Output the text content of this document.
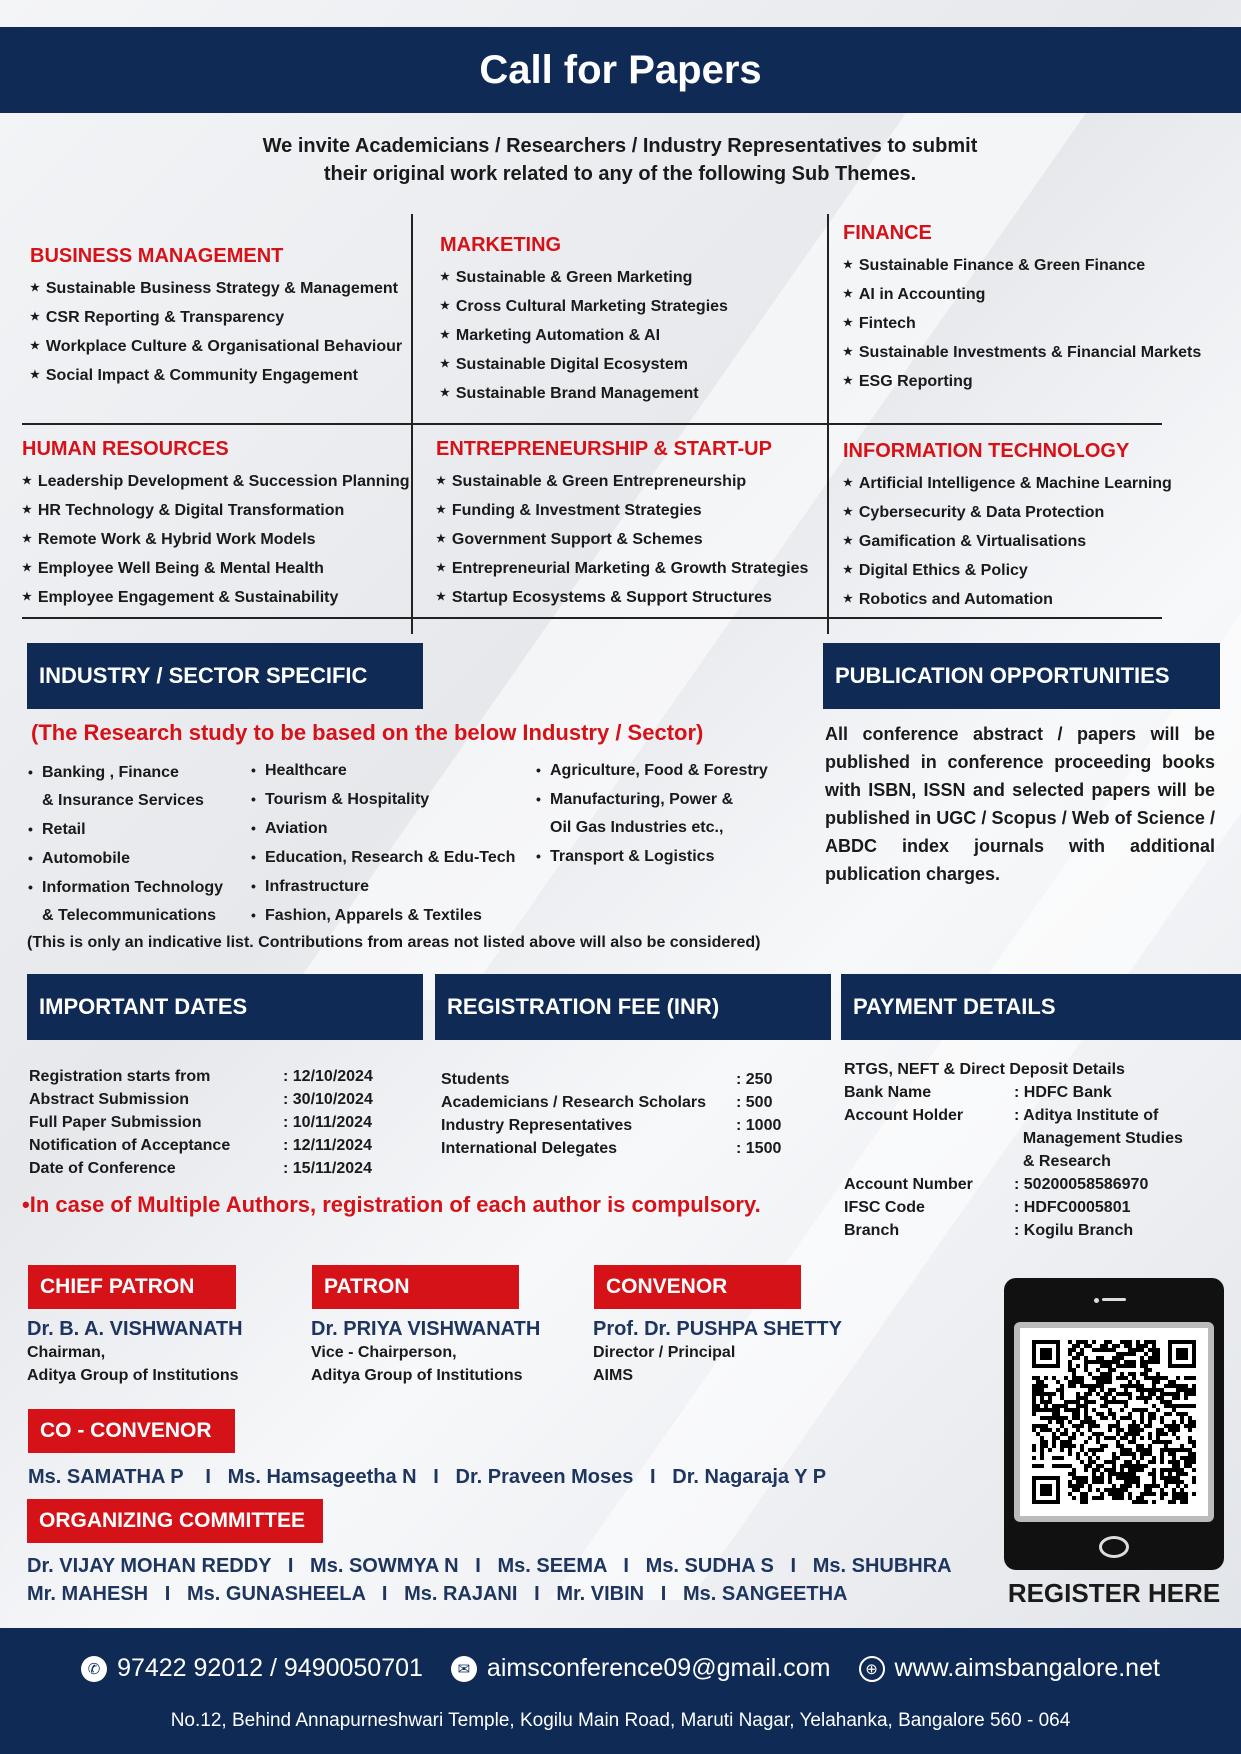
Call for Papers
We invite Academicians / Researchers / Industry Representatives to submit
their original work related to any of the following Sub Themes.
BUSINESS MANAGEMENT
★ Sustainable Business Strategy & Management
★ CSR Reporting & Transparency
★ Workplace Culture & Organisational Behaviour
★ Social Impact & Community Engagement
MARKETING
★ Sustainable & Green Marketing
★ Cross Cultural Marketing Strategies
★ Marketing Automation & AI
★ Sustainable Digital Ecosystem
★ Sustainable Brand Management
FINANCE
★ Sustainable Finance & Green Finance
★ AI in Accounting
★ Fintech
★ Sustainable Investments & Financial Markets
★ ESG Reporting
HUMAN RESOURCES
★ Leadership Development & Succession Planning
★ HR Technology & Digital Transformation
★ Remote Work & Hybrid Work Models
★ Employee Well Being & Mental Health
★ Employee Engagement & Sustainability
ENTREPRENEURSHIP & START-UP
★ Sustainable & Green Entrepreneurship
★ Funding & Investment Strategies
★ Government Support & Schemes
★ Entrepreneurial Marketing & Growth Strategies
★ Startup Ecosystems & Support Structures
INFORMATION TECHNOLOGY
★ Artificial Intelligence & Machine Learning
★ Cybersecurity & Data Protection
★ Gamification & Virtualisations
★ Digital Ethics & Policy
★ Robotics and Automation
INDUSTRY / SECTOR SPECIFIC
(The Research study to be based on the below Industry / Sector)
• Banking , Finance
& Insurance Services
• Retail
• Automobile
• Information Technology
& Telecommunications
• Healthcare
• Tourism & Hospitality
• Aviation
• Education, Research & Edu-Tech
• Infrastructure
• Fashion, Apparels & Textiles
• Agriculture, Food & Forestry
• Manufacturing, Power &
Oil Gas Industries etc.,
• Transport & Logistics
(This is only an indicative list. Contributions from areas not listed above will also be considered)
PUBLICATION OPPORTUNITIES
All conference abstract / papers will be
published in conference proceeding books
with ISBN, ISSN and selected papers will be
published in UGC / Scopus / Web of Science /
ABDC index journals with additional
publication charges.
IMPORTANT DATES
Registration starts from	: 12/10/2024
Abstract Submission	: 30/10/2024
Full Paper Submission	: 10/11/2024
Notification of Acceptance	: 12/11/2024
Date of Conference	: 15/11/2024
REGISTRATION FEE (INR)
Students	: 250
Academicians / Research Scholars	: 500
Industry Representatives	: 1000
International Delegates	: 1500
PAYMENT DETAILS
RTGS, NEFT & Direct Deposit Details
Bank Name	: HDFC Bank
Account Holder	: Aditya Institute of
Management Studies
& Research
Account Number	: 50200058586970
IFSC Code	: HDFC0005801
Branch	: Kogilu Branch
•In case of Multiple Authors, registration of each author is compulsory.
CHIEF PATRON
Dr. B. A. VISHWANATH
Chairman,
Aditya Group of Institutions
PATRON
Dr. PRIYA VISHWANATH
Vice - Chairperson,
Aditya Group of Institutions
CONVENOR
Prof. Dr. PUSHPA SHETTY
Director / Principal
AIMS
CO - CONVENOR
Ms. SAMATHA P    I   Ms. Hamsageetha N   I   Dr. Praveen Moses   I   Dr. Nagaraja Y P
ORGANIZING COMMITTEE
Dr. VIJAY MOHAN REDDY   I   Ms. SOWMYA N   I   Ms. SEEMA   I   Ms. SUDHA S   I   Ms. SHUBHRA
Mr. MAHESH   I   Ms. GUNASHEELA   I   Ms. RAJANI   I   Mr. VIBIN   I   Ms. SANGEETHA	REGISTER HERE
✆ 97422 92012 / 9490050701	✉ aimsconference09@gmail.com	⊕ www.aimsbangalore.net
No.12, Behind Annapurneshwari Temple, Kogilu Main Road, Maruti Nagar, Yelahanka, Bangalore 560 - 064
